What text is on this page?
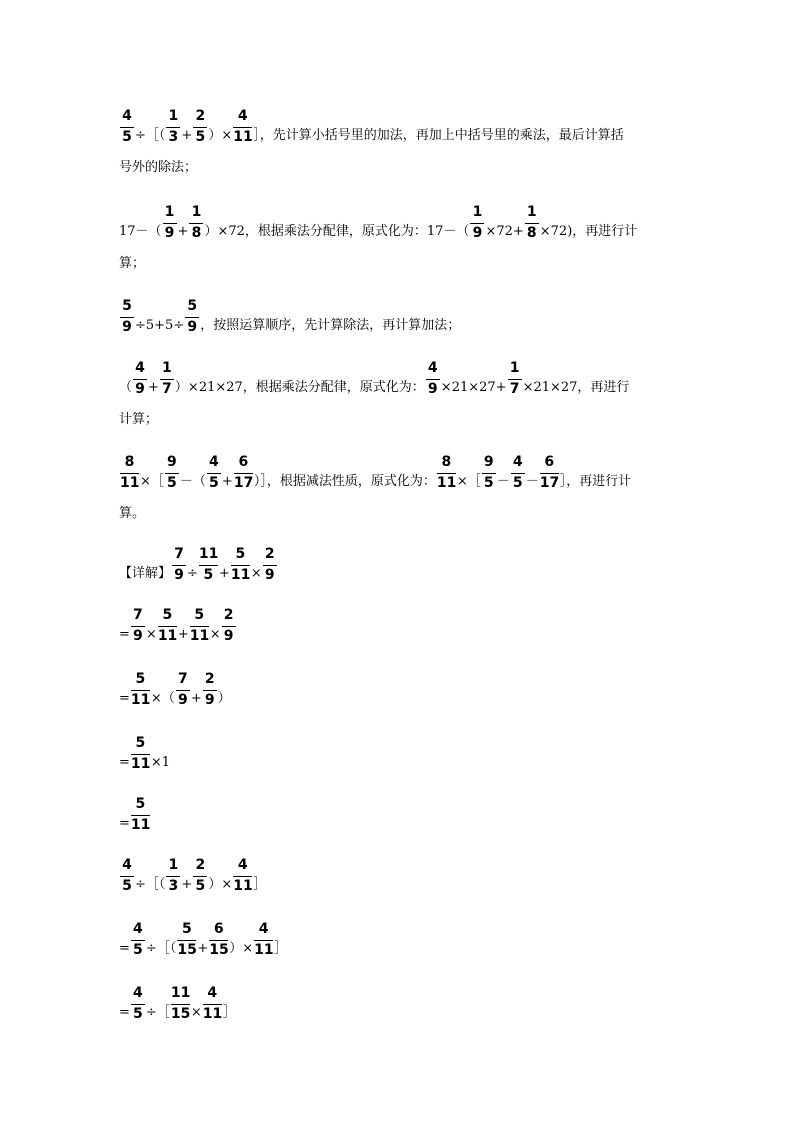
$\frac{4}{5}$ ÷ ［（ $\frac{1}{3} + \frac{2}{5}$ ）× $\frac{4}{11}$ ］，先计算小括号里的加法，再加上中括号里的乘法，最后计算括
号外的除法；
$17-( \frac{1}{9} + \frac{1}{8} )\times 72$，根据乘法分配律，原式化为：$17-( \frac{1}{9} \times 72+ \frac{1}{8} \times 72)$，再进行计
算；
$\frac{5}{9} \div 5+5\div \frac{5}{9}$ ，按照运算顺序，先计算除法，再计算加法；
（ $\frac{4}{9} + \frac{1}{7} )\times 21\times 27$，根据乘法分配律，原式化为： $\frac{4}{9} \times 21\times 27+ \frac{1}{7} \times 21\times 27$，再进行
计算；
$\frac{8}{11}$ ×［ $\frac{9}{5}$ －（ $\frac{4}{5} + \frac{6}{17}$ ）］，根据减法性质，原式化为： $\frac{8}{11}$ ×［ $\frac{9}{5} - \frac{4}{5} - \frac{6}{17}$ ］，再进行计
算。
【详解】 $\frac{7}{9} \div \frac{11}{5} + \frac{5}{11} \times \frac{2}{9}$
= $\frac{7}{9} \times \frac{5}{11} + \frac{5}{11} \times \frac{2}{9}$
= $\frac{5}{11}$ × （ $\frac{7}{9} + \frac{2}{9}$ ）
= $\frac{5}{11} \times 1$
= $\frac{5}{11}$
$\frac{4}{5}$ ÷ ［（ $\frac{1}{3} + \frac{2}{5}$ ）× $\frac{4}{11}$ ］
= $\frac{4}{5}$ ÷ ［（ $\frac{5}{15} + \frac{6}{15}$ ）× $\frac{4}{11}$ ］
= $\frac{4}{5}$ ÷ ［ $\frac{11}{15} \times \frac{4}{11}$ ］
